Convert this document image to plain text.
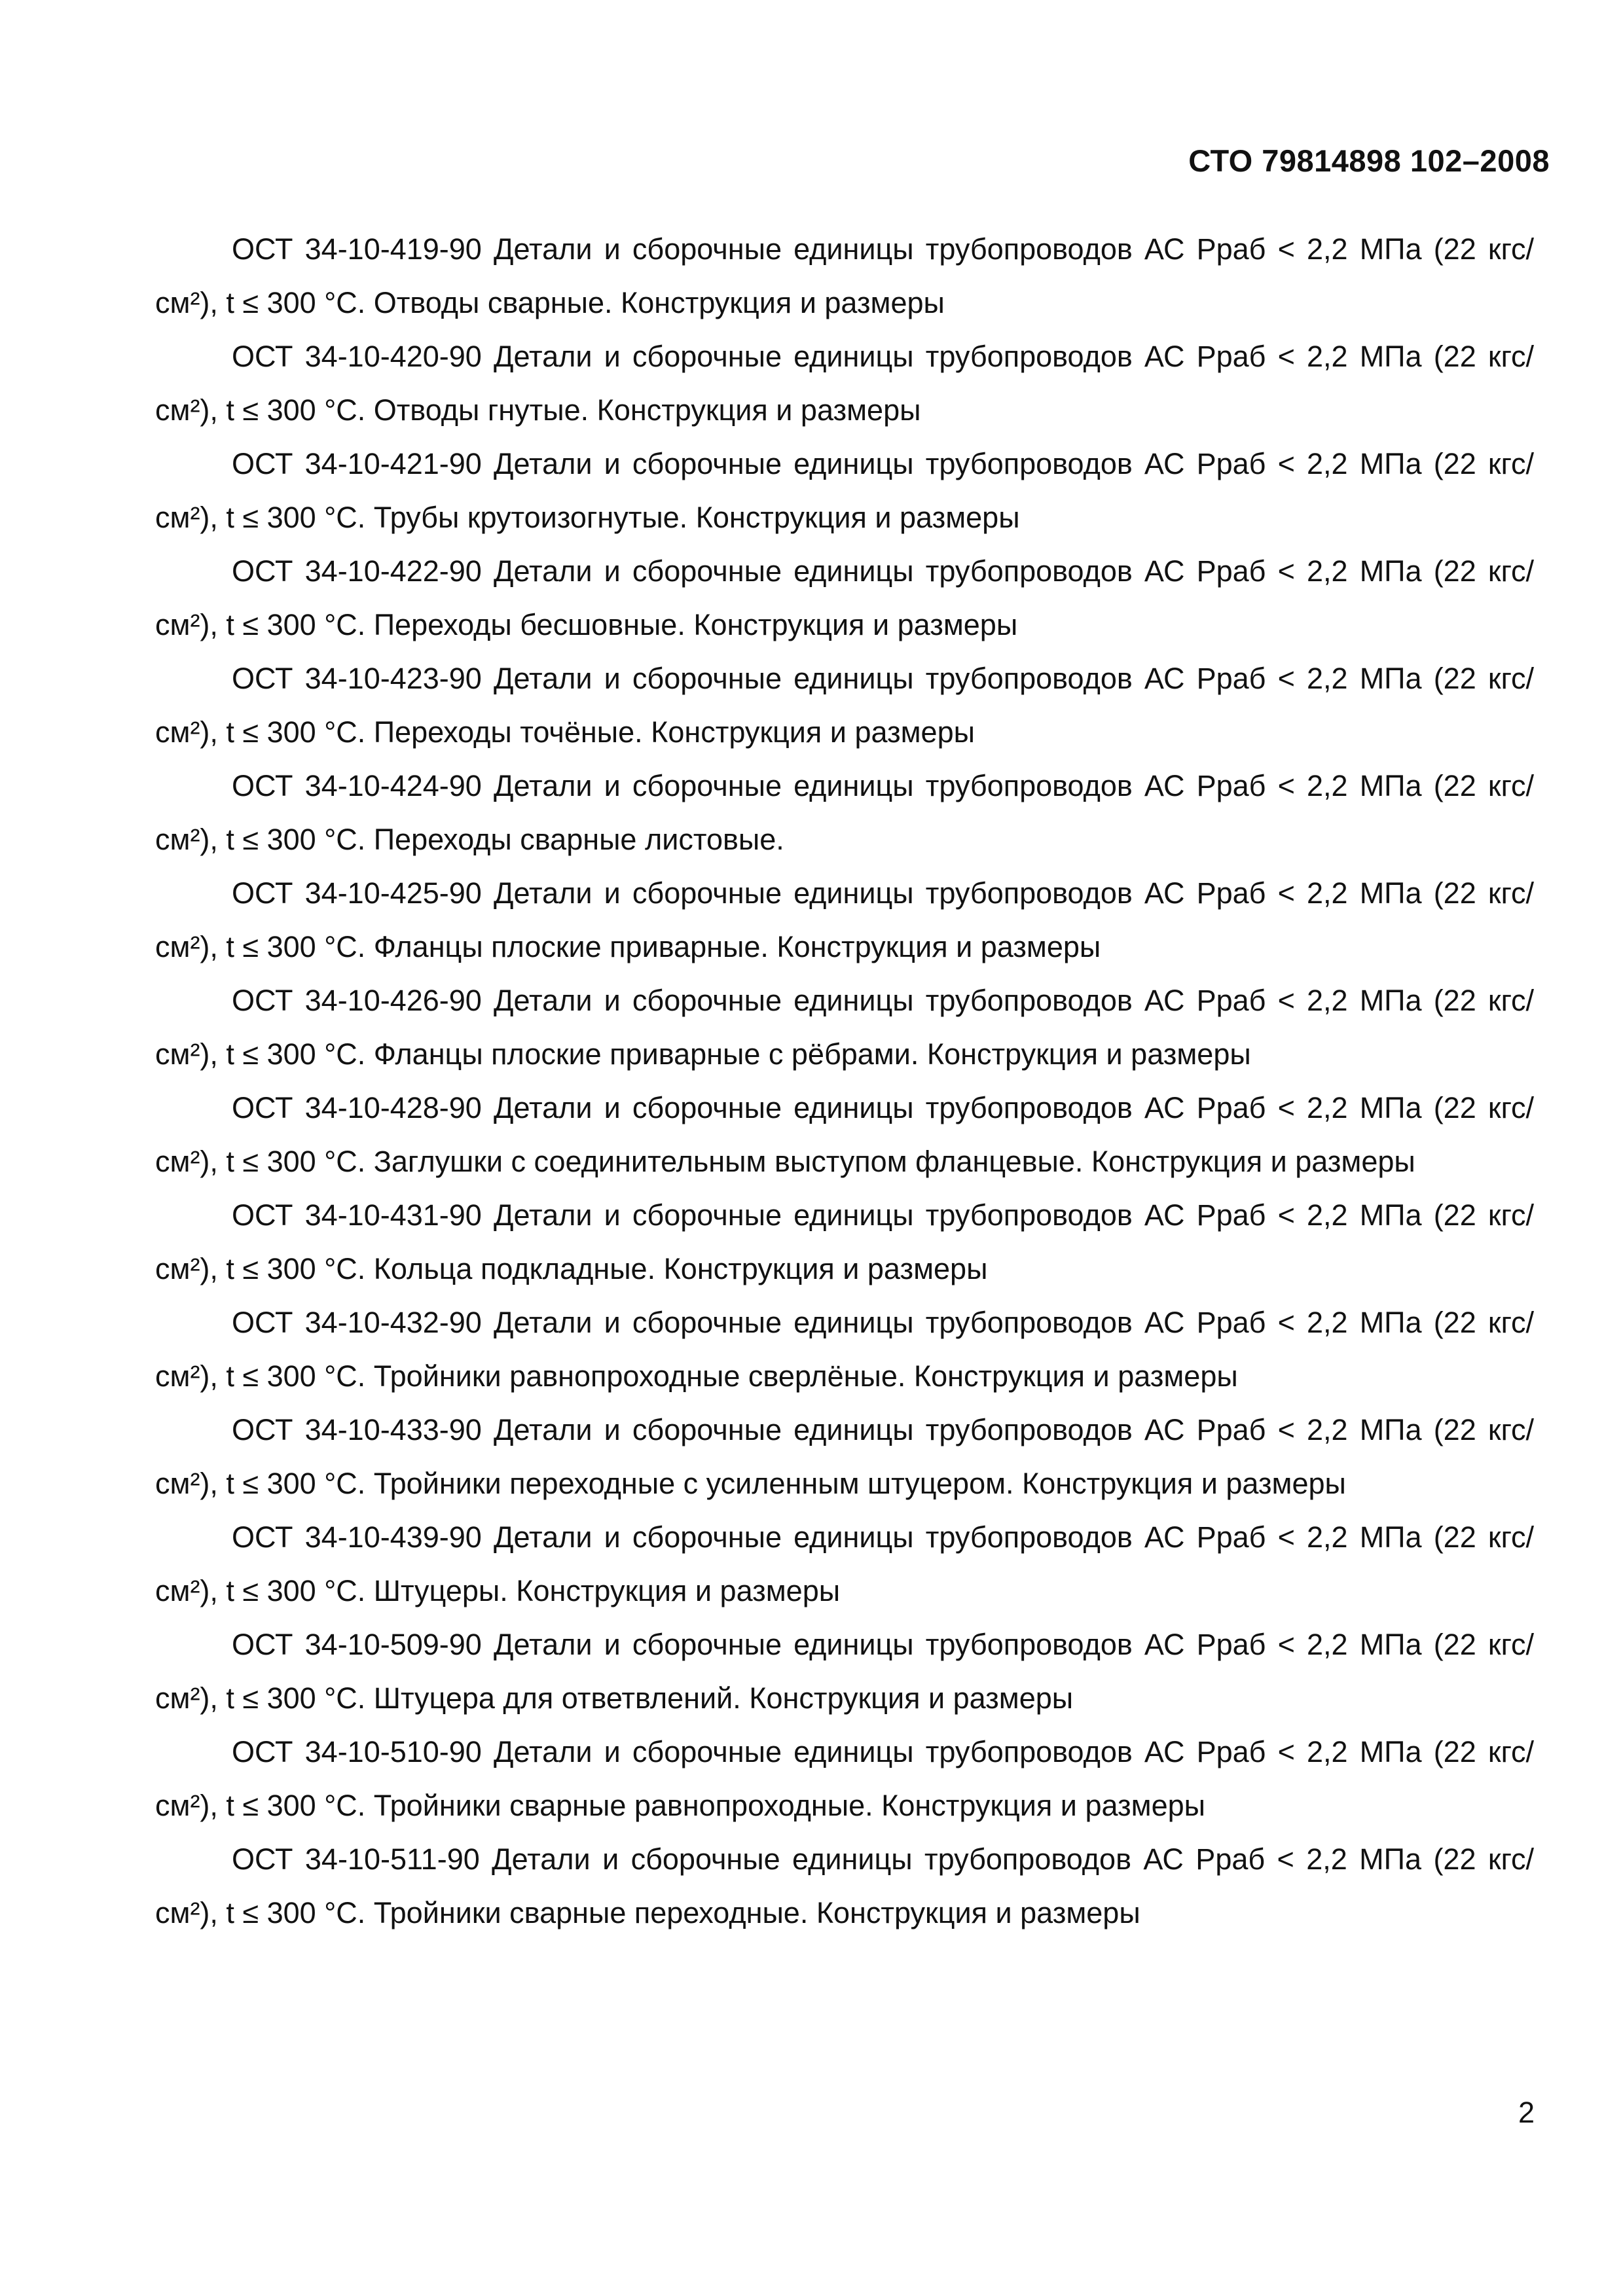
СТО 79814898 102–2008

ОСТ 34-10-419-90 Детали и сборочные единицы трубопроводов АС Рраб < 2,2 МПа (22 кгс/см²), t ≤ 300 °C. Отводы сварные. Конструкция и размеры

ОСТ 34-10-420-90 Детали и сборочные единицы трубопроводов АС Рраб < 2,2 МПа (22 кгс/см²), t ≤ 300 °C. Отводы гнутые. Конструкция и размеры

ОСТ 34-10-421-90 Детали и сборочные единицы трубопроводов АС Рраб < 2,2 МПа (22 кгс/см²), t ≤ 300 °C. Трубы крутоизогнутые. Конструкция и размеры

ОСТ 34-10-422-90 Детали и сборочные единицы трубопроводов АС Рраб < 2,2 МПа (22 кгс/см²), t ≤ 300 °C. Переходы бесшовные. Конструкция и размеры

ОСТ 34-10-423-90 Детали и сборочные единицы трубопроводов АС Рраб < 2,2 МПа (22 кгс/см²), t ≤ 300 °C. Переходы точёные. Конструкция и размеры

ОСТ 34-10-424-90 Детали и сборочные единицы трубопроводов АС Рраб < 2,2 МПа (22 кгс/см²), t ≤ 300 °C. Переходы сварные листовые.

ОСТ 34-10-425-90 Детали и сборочные единицы трубопроводов АС Рраб < 2,2 МПа (22 кгс/см²), t ≤ 300 °C. Фланцы плоские приварные. Конструкция и размеры

ОСТ 34-10-426-90 Детали и сборочные единицы трубопроводов АС Рраб < 2,2 МПа (22 кгс/см²), t ≤ 300 °C. Фланцы плоские приварные с рёбрами. Конструкция и размеры

ОСТ 34-10-428-90 Детали и сборочные единицы трубопроводов АС Рраб < 2,2 МПа (22 кгс/см²), t ≤ 300 °C. Заглушки с соединительным выступом фланцевые. Конструкция и размеры

ОСТ 34-10-431-90 Детали и сборочные единицы трубопроводов АС Рраб < 2,2 МПа (22 кгс/см²), t ≤ 300 °C. Кольца подкладные. Конструкция и размеры

ОСТ 34-10-432-90 Детали и сборочные единицы трубопроводов АС Рраб < 2,2 МПа (22 кгс/см²), t ≤ 300 °C. Тройники равнопроходные сверлёные. Конструкция и размеры

ОСТ 34-10-433-90 Детали и сборочные единицы трубопроводов АС Рраб < 2,2 МПа (22 кгс/см²), t ≤ 300 °C. Тройники переходные с усиленным штуцером. Конструкция и размеры

ОСТ 34-10-439-90 Детали и сборочные единицы трубопроводов АС Рраб < 2,2 МПа (22 кгс/см²), t ≤ 300 °C. Штуцеры. Конструкция и размеры

ОСТ 34-10-509-90 Детали и сборочные единицы трубопроводов АС Рраб < 2,2 МПа (22 кгс/см²), t ≤ 300 °C. Штуцера для ответвлений. Конструкция и размеры

ОСТ 34-10-510-90 Детали и сборочные единицы трубопроводов АС Рраб < 2,2 МПа (22 кгс/см²), t ≤ 300 °C. Тройники сварные равнопроходные. Конструкция и размеры

ОСТ 34-10-511-90 Детали и сборочные единицы трубопроводов АС Рраб < 2,2 МПа (22 кгс/см²), t ≤ 300 °C. Тройники сварные переходные. Конструкция и размеры

2
